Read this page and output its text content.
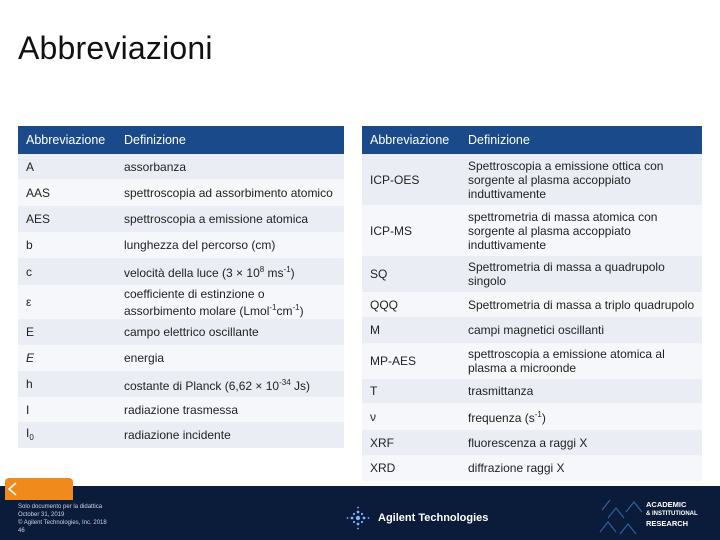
Abbreviazioni
Abbreviazione	Definizione
A	assorbanza
AAS	spettroscopia ad assorbimento atomico
AES	spettroscopia a emissione atomica
b	lunghezza del percorso (cm)
c	velocità della luce ($3 \times 10^8$ $ms^{-1}$)
ε	coefficiente di estinzione o
assorbimento molare $(Lmol^{-1}cm^{-1})$

E	campo elettrico oscillante
E	energia
h	costante di Planck ($6,62 \times 10^{-34}$ Js)
I	radiazione trasmessa
$I_0$	radiazione incidente
Abbreviazione	Definizione
ICP-OES	Spettroscopia a emissione ottica con
sorgente al plasma accoppiato
induttivamente

ICP-MS	spettrometria di massa atomica con
sorgente al plasma accoppiato
induttivamente

SQ	Spettrometria di massa a quadrupolo
singolo

QQQ	Spettrometria di massa a triplo quadrupolo
M	campi magnetici oscillanti
MP-AES	spettroscopia a emissione atomica al
plasma a microonde

T	trasmittanza
ν	frequenza $(s^{-1})$
XRF	fluorescenza a raggi X
XRD	diffrazione raggi X
Contents
Solo documento per la didattica
October 31, 2019
© Agilent Technologies, Inc. 2018
46
Agilent Technologies
ACADEMIC
& INSTITUTIONAL
RESEARCH
